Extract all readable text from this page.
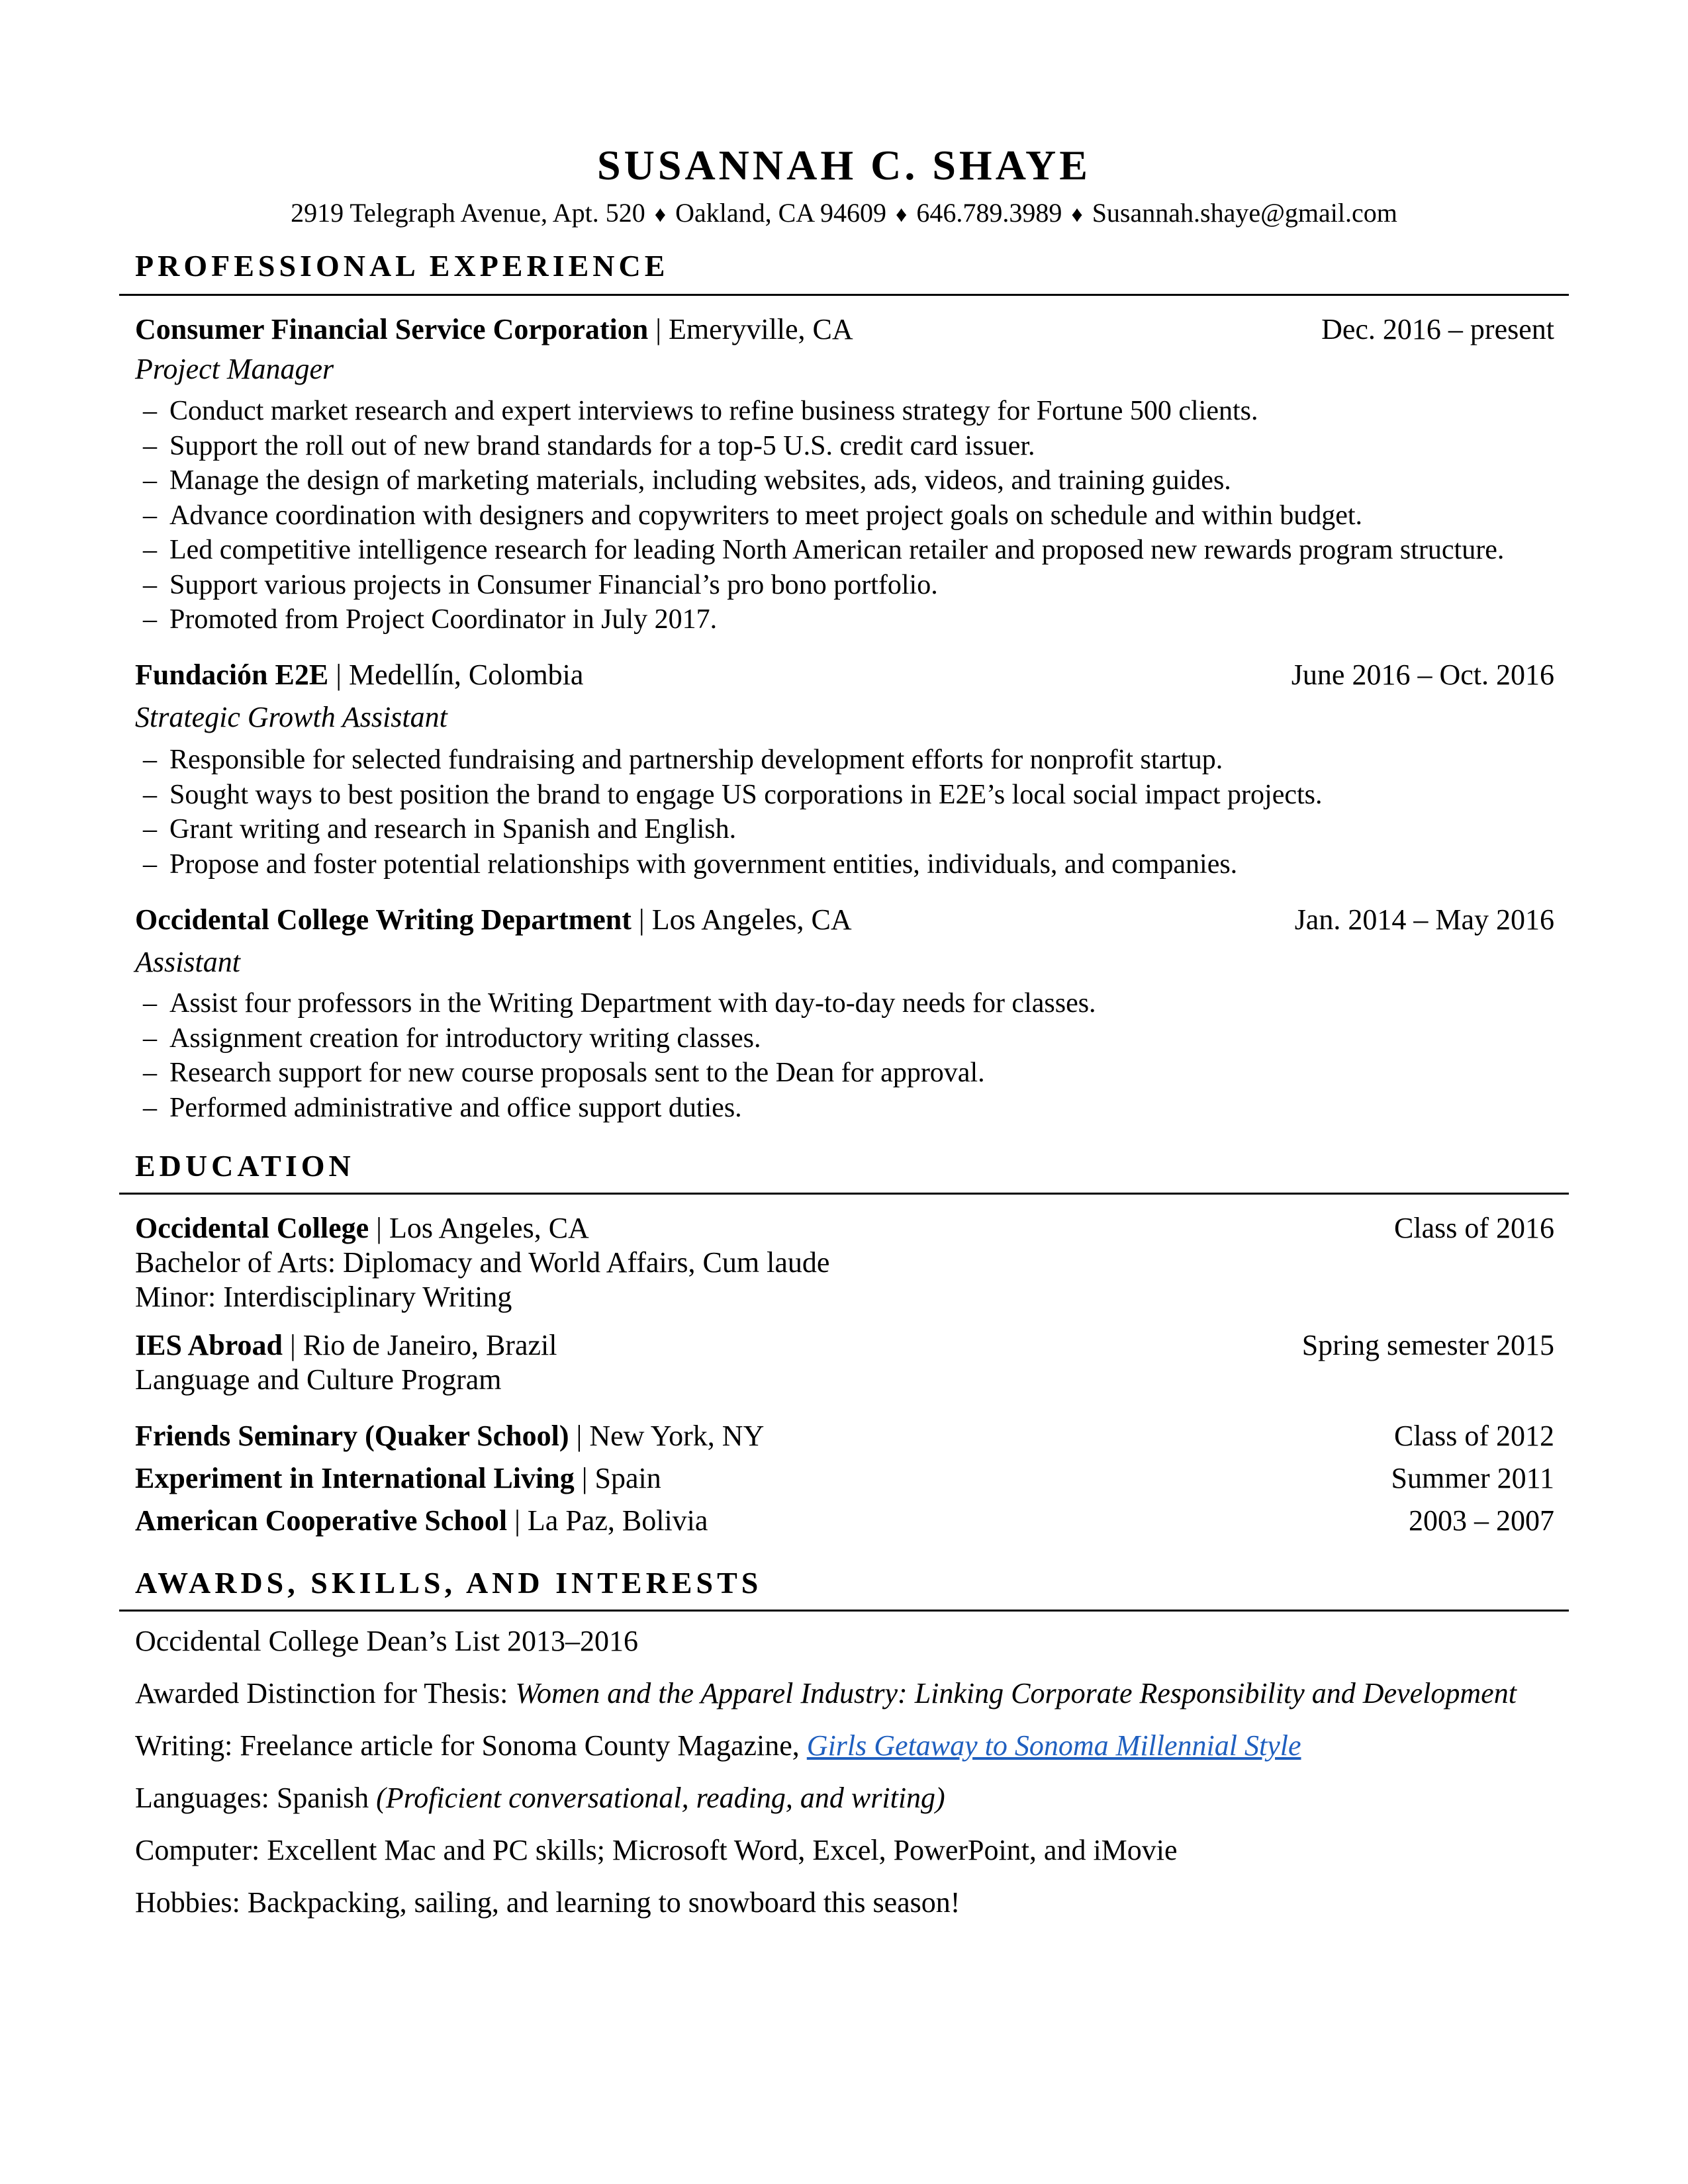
SUSANNAH C. SHAYE
2919 Telegraph Avenue, Apt. 520 ♦ Oakland, CA 94609 ♦ 646.789.3989 ♦ Susannah.shaye@gmail.com
PROFESSIONAL EXPERIENCE
Consumer Financial Service Corporation | Emeryville, CA	Dec. 2016 – present
Project Manager
– Conduct market research and expert interviews to refine business strategy for Fortune 500 clients.
– Support the roll out of new brand standards for a top-5 U.S. credit card issuer.
– Manage the design of marketing materials, including websites, ads, videos, and training guides.
– Advance coordination with designers and copywriters to meet project goals on schedule and within budget.
– Led competitive intelligence research for leading North American retailer and proposed new rewards program structure.
– Support various projects in Consumer Financial’s pro bono portfolio.
– Promoted from Project Coordinator in July 2017.
Fundación E2E | Medellín, Colombia	June 2016 – Oct. 2016
Strategic Growth Assistant
– Responsible for selected fundraising and partnership development efforts for nonprofit startup.
– Sought ways to best position the brand to engage US corporations in E2E’s local social impact projects.
– Grant writing and research in Spanish and English.
– Propose and foster potential relationships with government entities, individuals, and companies.
Occidental College Writing Department | Los Angeles, CA	Jan. 2014 – May 2016
Assistant
– Assist four professors in the Writing Department with day-to-day needs for classes.
– Assignment creation for introductory writing classes.
– Research support for new course proposals sent to the Dean for approval.
– Performed administrative and office support duties.
EDUCATION
Occidental College | Los Angeles, CA	Class of 2016
Bachelor of Arts: Diplomacy and World Affairs, Cum laude
Minor: Interdisciplinary Writing
IES Abroad | Rio de Janeiro, Brazil	Spring semester 2015
Language and Culture Program
Friends Seminary (Quaker School) | New York, NY	Class of 2012
Experiment in International Living | Spain	Summer 2011
American Cooperative School | La Paz, Bolivia	2003 – 2007
AWARDS, SKILLS, AND INTERESTS
Occidental College Dean’s List 2013–2016
Awarded Distinction for Thesis: Women and the Apparel Industry: Linking Corporate Responsibility and Development
Writing: Freelance article for Sonoma County Magazine, Girls Getaway to Sonoma Millennial Style
Languages: Spanish (Proficient conversational, reading, and writing)
Computer: Excellent Mac and PC skills; Microsoft Word, Excel, PowerPoint, and iMovie
Hobbies: Backpacking, sailing, and learning to snowboard this season!
